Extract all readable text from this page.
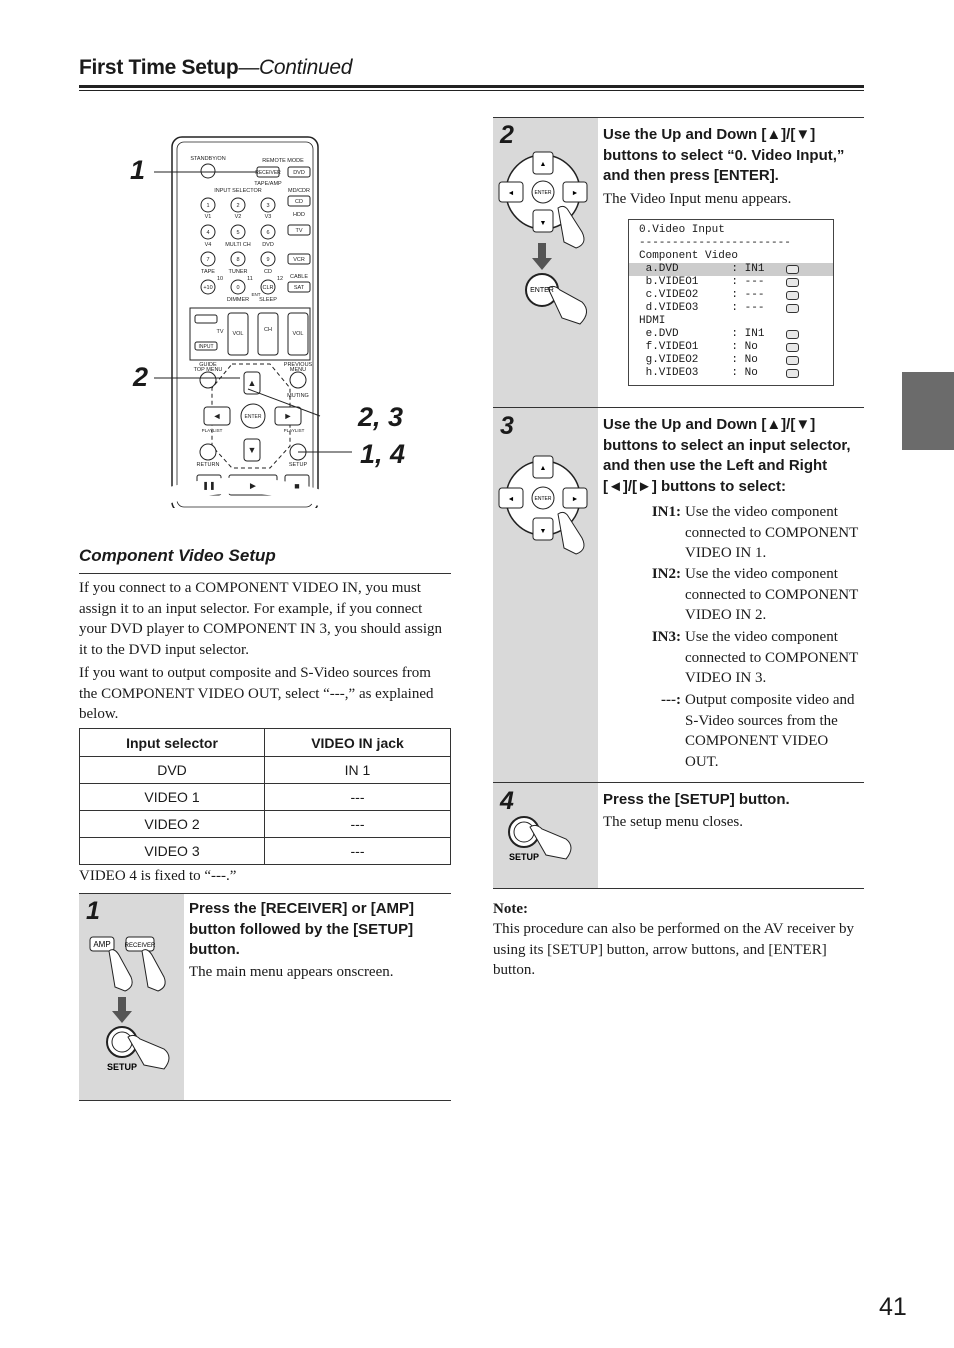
First Time Setup—Continued
41
STANDBY/ON	REMOTE MODE
RECEIVER DVD
TAPE/AMP
INPUT SELECTOR	MD/CDR
CD
HDD
TV
VCR
CABLE
SAT
1	2	3
4	5	6
7	8	9
+10	0	CLR
V1	V2	V3
V4	MULTI CH DVD
TAPE TUNER	CD
10	11	12
DIMMER SLEEP
ENT
TV
INPUT
VOL
CH
VOL
GUIDE
TOP MENU
PREVIOUS
MENU
MUTING
ENTER
PLAYLIST	PLAYLIST
RETURN	SETUP
▲
▼
◄	►
❚❚	►	■
1
2
2, 3
1, 4
Component Video Setup

If you connect to a COMPONENT VIDEO IN, you must assign it to an input selector. For example, if you connect your DVD player to COMPONENT IN 3, you should assign it to the DVD input selector.

If you want to output composite and S-Video sources from the COMPONENT VIDEO OUT, select “---,” as explained below.

Input selector	VIDEO IN jack
DVD	IN 1
VIDEO 1	---
VIDEO 2	---
VIDEO 3	---

VIDEO 4 is fixed to “---.”

1
AMP RECEIVER
SETUP

Press the [RECEIVER] or [AMP] button followed by the [SETUP] button.

The main menu appears onscreen.

2
▲
▼
◄	►
ENTER
ENTER

Use the Up and Down [▲]/[▼] buttons to select “0. Video Input,” and then press [ENTER].

The Video Input menu appears.

0.Video Input
-----------------------
Component Video
a.DVD        : IN1
b.VIDEO1     : ---
c.VIDEO2     : ---
d.VIDEO3     : ---
HDMI
e.DVD        : IN1
f.VIDEO1     : No
g.VIDEO2     : No
h.VIDEO3     : No
3
▲
▼
◄	►
ENTER

Use the Up and Down [▲]/[▼] buttons to select an input selector, and then use the Left and Right [◄]/[►] buttons to select:

IN1: Use the video component connected to COMPONENT VIDEO IN 1.
IN2: Use the video component connected to COMPONENT VIDEO IN 2.
IN3: Use the video component connected to COMPONENT VIDEO IN 3.
---: Output composite video and S-Video sources from the COMPONENT VIDEO OUT.
4
SETUP

Press the [SETUP] button.

The setup menu closes.

Note:

This procedure can also be performed on the AV receiver by using its [SETUP] button, arrow buttons, and [ENTER] button.
